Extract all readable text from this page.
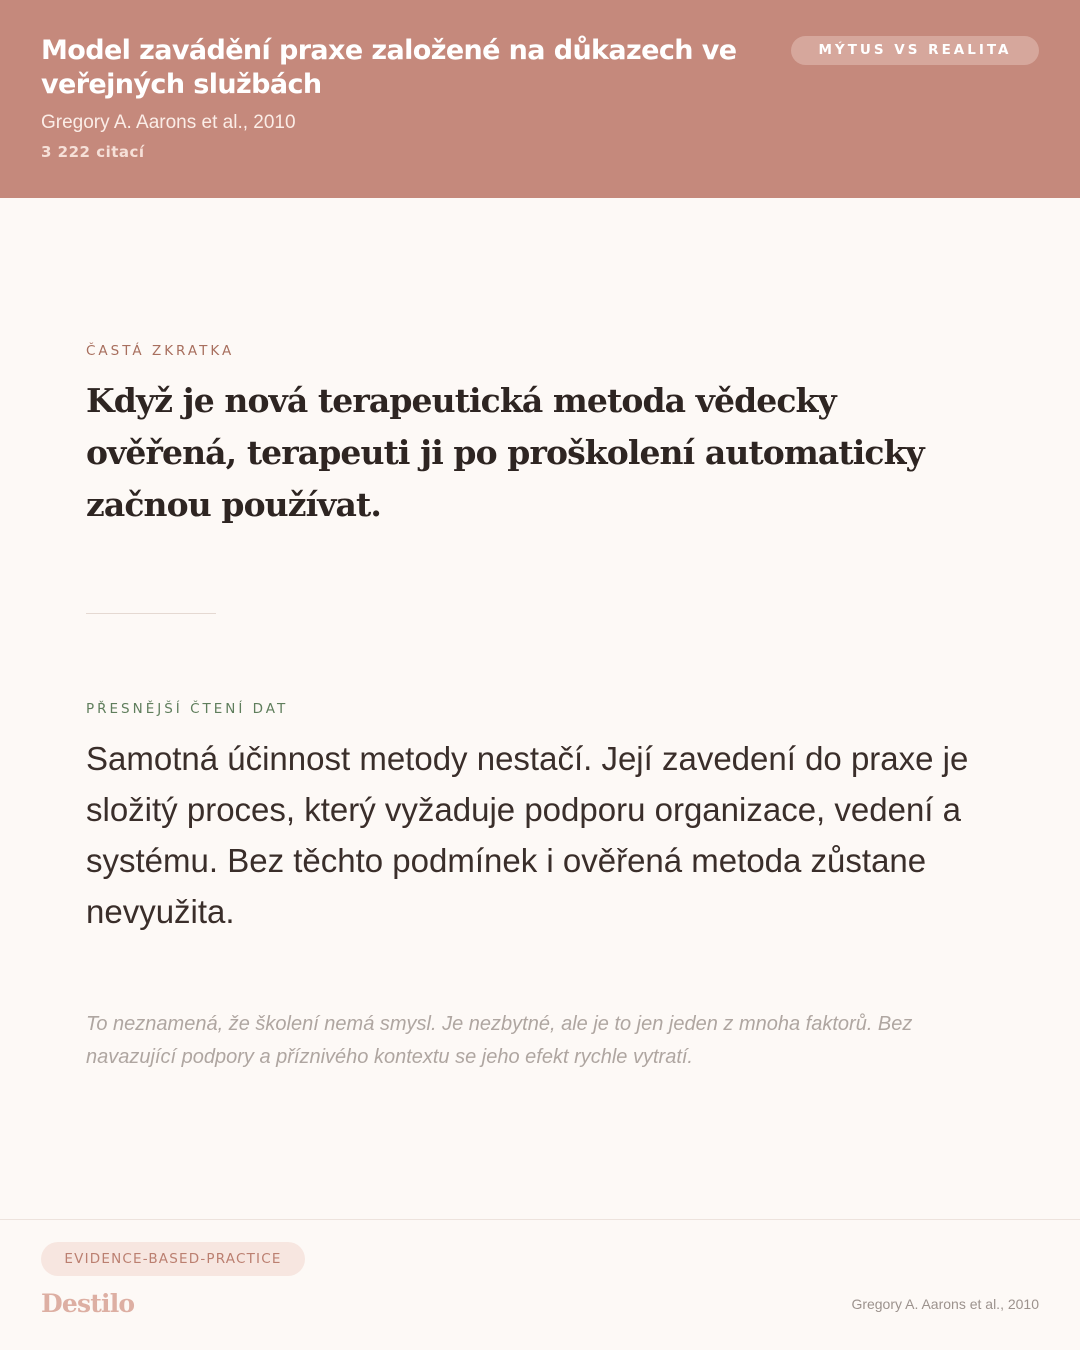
Model zavádění praxe založené na důkazech ve veřejných službách
Gregory A. Aarons et al., 2010
3 222 citací
MÝTUS VS REALITA
ČASTÁ ZKRATKA

Když je nová terapeutická metoda vědecky ověřená, terapeuti ji po proškolení automaticky začnou používat.

PŘESNĚJŠÍ ČTENÍ DAT

Samotná účinnost metody nestačí. Její zavedení do praxe je složitý proces, který vyžaduje podporu organizace, vedení a systému. Bez těchto podmínek i ověřená metoda zůstane nevyužita.

To neznamená, že školení nemá smysl. Je nezbytné, ale je to jen jeden z mnoha faktorů. Bez navazující podpory a příznivého kontextu se jeho efekt rychle vytratí.

EVIDENCE-BASED-PRACTICE
Destilo	Gregory A. Aarons et al., 2010
